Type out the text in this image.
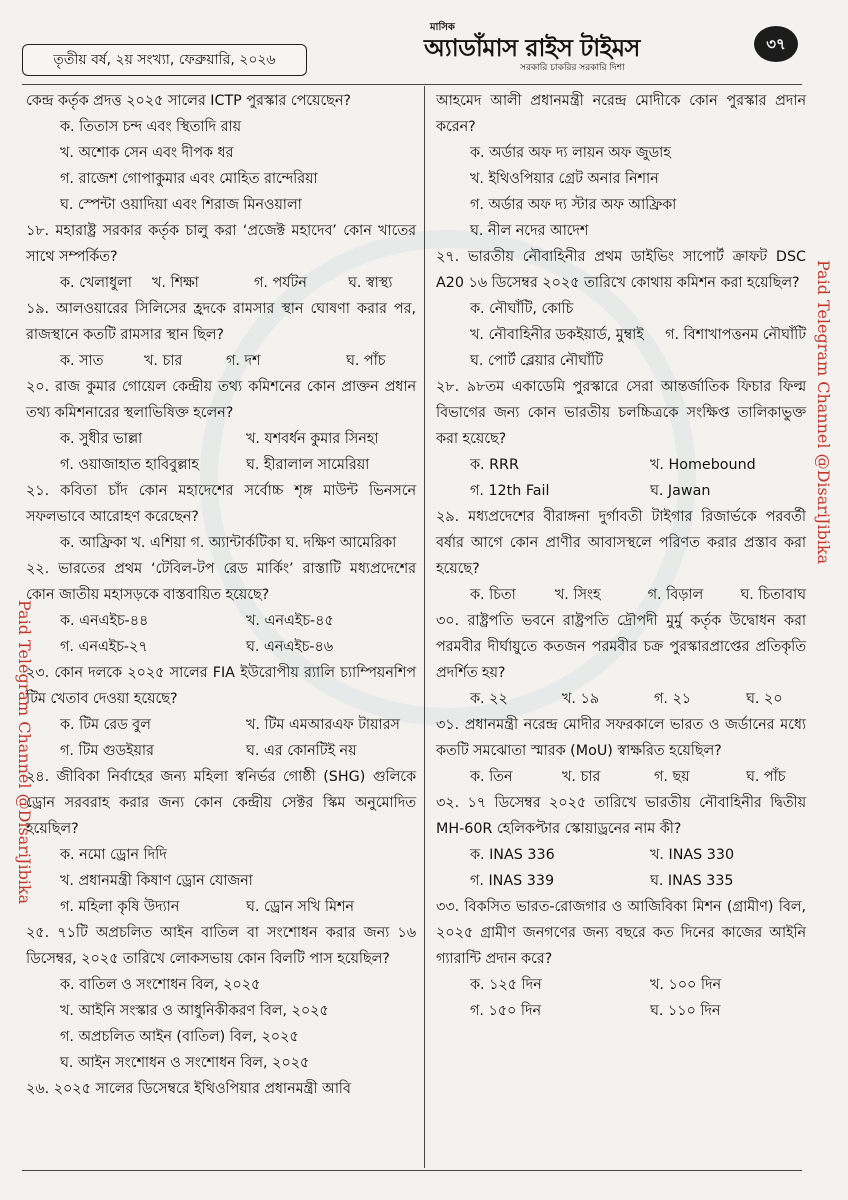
তৃতীয় বর্ষ, ২য় সংখ্যা, ফেব্রুয়ারি, ২০২৬
মাসিক
অ্যাডাঁমাস রাইস টাইমস
সরকারি চাকরির সরকারি দিশা
৩৭
Paid Telegram Channel @DisariJibika
Paid Telegram Channel @DisariJibika

কেন্দ্র কর্তৃক প্রদত্ত ২০২৫ সালের ICTP পুরস্কার পেয়েছেন?

ক. তিতাস চন্দ এবং স্থিতাদি রায়

খ. অশোক সেন এবং দীপক ধর

গ. রাজেশ গোপাকুমার এবং মোহিত রান্দেরিয়া

ঘ. স্পেন্টা ওয়াদিয়া এবং শিরাজ মিনওয়ালা

১৮. মহারাষ্ট্র সরকার কর্তৃক চালু করা ‘প্রজেক্ট মহাদেব’ কোন খাতের সাথে সম্পর্কিত?

ক. খেলাধুলা	খ. শিক্ষা	গ. পর্যটন	ঘ. স্বাস্থ্য

১৯. আলওয়ারের সিলিসের হ্রদকে রামসার স্থান ঘোষণা করার পর, রাজস্থানে কতটি রামসার স্থান ছিল?

ক. সাত	খ. চার	গ. দশ	ঘ. পাঁচ

২০. রাজ কুমার গোয়েল কেন্দ্রীয় তথ্য কমিশনের কোন প্রাক্তন প্রধান তথ্য কমিশনারের স্থলাভিষিক্ত হলেন?

ক. সুধীর ভাল্লা	খ. যশবর্ধন কুমার সিনহা
গ. ওয়াজাহাত হাবিবুল্লাহ	ঘ. হীরালাল সামেরিয়া

২১. কবিতা চাঁদ কোন মহাদেশের সর্বোচ্চ শৃঙ্গ মাউন্ট ভিনসনে সফলভাবে আরোহণ করেছেন?

ক. আফ্রিকা খ. এশিয়া গ. অ্যান্টার্কটিকা ঘ. দক্ষিণ আমেরিকা

২২. ভারতের প্রথম ‘টেবিল-টপ রেড মার্কিং’ রাস্তাটি মধ্যপ্রদেশের কোন জাতীয় মহাসড়কে বাস্তবায়িত হয়েছে?

ক. এনএইচ-৪৪	খ. এনএইচ-৪৫
গ. এনএইচ-২৭	ঘ. এনএইচ-৪৬

২৩. কোন দলকে ২০২৫ সালের FIA ইউরোপীয় র‍্যালি চ্যাম্পিয়নশিপ টিম খেতাব দেওয়া হয়েছে?

ক. টিম রেড বুল	খ. টিম এমআরএফ টায়ারস
গ. টিম গুডইয়ার	ঘ. এর কোনটিই নয়

২৪. জীবিকা নির্বাহের জন্য মহিলা স্বনির্ভর গোষ্ঠী (SHG) গুলিকে ড্রোন সরবরাহ করার জন্য কোন কেন্দ্রীয় সেক্টর স্কিম অনুমোদিত হয়েছিল?

ক. নমো ড্রোন দিদি

খ. প্রধানমন্ত্রী কিষাণ ড্রোন যোজনা

গ. মহিলা কৃষি উদ্যান	ঘ. ড্রোন সখি মিশন

২৫. ৭১টি অপ্রচলিত আইন বাতিল বা সংশোধন করার জন্য ১৬ ডিসেম্বর, ২০২৫ তারিখে লোকসভায় কোন বিলটি পাস হয়েছিল?

ক. বাতিল ও সংশোধন বিল, ২০২৫

খ. আইনি সংস্কার ও আধুনিকীকরণ বিল, ২০২৫

গ. অপ্রচলিত আইন (বাতিল) বিল, ২০২৫

ঘ. আইন সংশোধন ও সংশোধন বিল, ২০২৫

২৬. ২০২৫ সালের ডিসেম্বরে ইথিওপিয়ার প্রধানমন্ত্রী আবি

আহমেদ আলী প্রধানমন্ত্রী নরেন্দ্র মোদীকে কোন পুরস্কার প্রদান করেন?

ক. অর্ডার অফ দ্য লায়ন অফ জুডাহ

খ. ইথিওপিয়ার গ্রেট অনার নিশান

গ. অর্ডার অফ দ্য স্টার অফ আফ্রিকা

ঘ. নীল নদের আদেশ

২৭. ভারতীয় নৌবাহিনীর প্রথম ডাইভিং সাপোর্ট ক্রাফট DSC A20 ১৬ ডিসেম্বর ২০২৫ তারিখে কোথায় কমিশন করা হয়েছিল?

ক. নৌঘাঁটি, কোচি

খ. নৌবাহিনীর ডকইয়ার্ড, মুম্বাই	গ. বিশাখাপত্তনম নৌঘাঁটি

ঘ. পোর্ট ব্লেয়ার নৌঘাঁটি

২৮. ৯৮তম একাডেমি পুরস্কারে সেরা আন্তর্জাতিক ফিচার ফিল্ম বিভাগের জন্য কোন ভারতীয় চলচ্চিত্রকে সংক্ষিপ্ত তালিকাভুক্ত করা হয়েছে?

ক. RRR	খ. Homebound
গ. 12th Fail	ঘ. Jawan

২৯. মধ্যপ্রদেশের বীরাঙ্গনা দুর্গাবতী টাইগার রিজার্ভকে পরবর্তী বর্ষার আগে কোন প্রাণীর আবাসস্থলে পরিণত করার প্রস্তাব করা হয়েছে?

ক. চিতা	খ. সিংহ	গ. বিড়াল	ঘ. চিতাবাঘ

৩০. রাষ্ট্রপতি ভবনে রাষ্ট্রপতি দ্রৌপদী মুর্মু কর্তৃক উদ্বোধন করা পরমবীর দীর্ঘায়ুতে কতজন পরমবীর চক্র পুরস্কারপ্রাপ্তের প্রতিকৃতি প্রদর্শিত হয়?

ক. ২২	খ. ১৯	গ. ২১	ঘ. ২০

৩১. প্রধানমন্ত্রী নরেন্দ্র মোদীর সফরকালে ভারত ও জর্ডানের মধ্যে কতটি সমঝোতা স্মারক (MoU) স্বাক্ষরিত হয়েছিল?

ক. তিন	খ. চার	গ. ছয়	ঘ. পাঁচ

৩২. ১৭ ডিসেম্বর ২০২৫ তারিখে ভারতীয় নৌবাহিনীর দ্বিতীয় MH-60R হেলিকপ্টার স্কোয়াড্রনের নাম কী?

ক. INAS 336	খ. INAS 330
গ. INAS 339	ঘ. INAS 335

৩৩. বিকসিত ভারত-রোজগার ও আজিবিকা মিশন (গ্রামীণ) বিল, ২০২৫ গ্রামীণ জনগণের জন্য বছরে কত দিনের কাজের আইনি গ্যারান্টি প্রদান করে?

ক. ১২৫ দিন	খ. ১০০ দিন
গ. ১৫০ দিন	ঘ. ১১০ দিন
